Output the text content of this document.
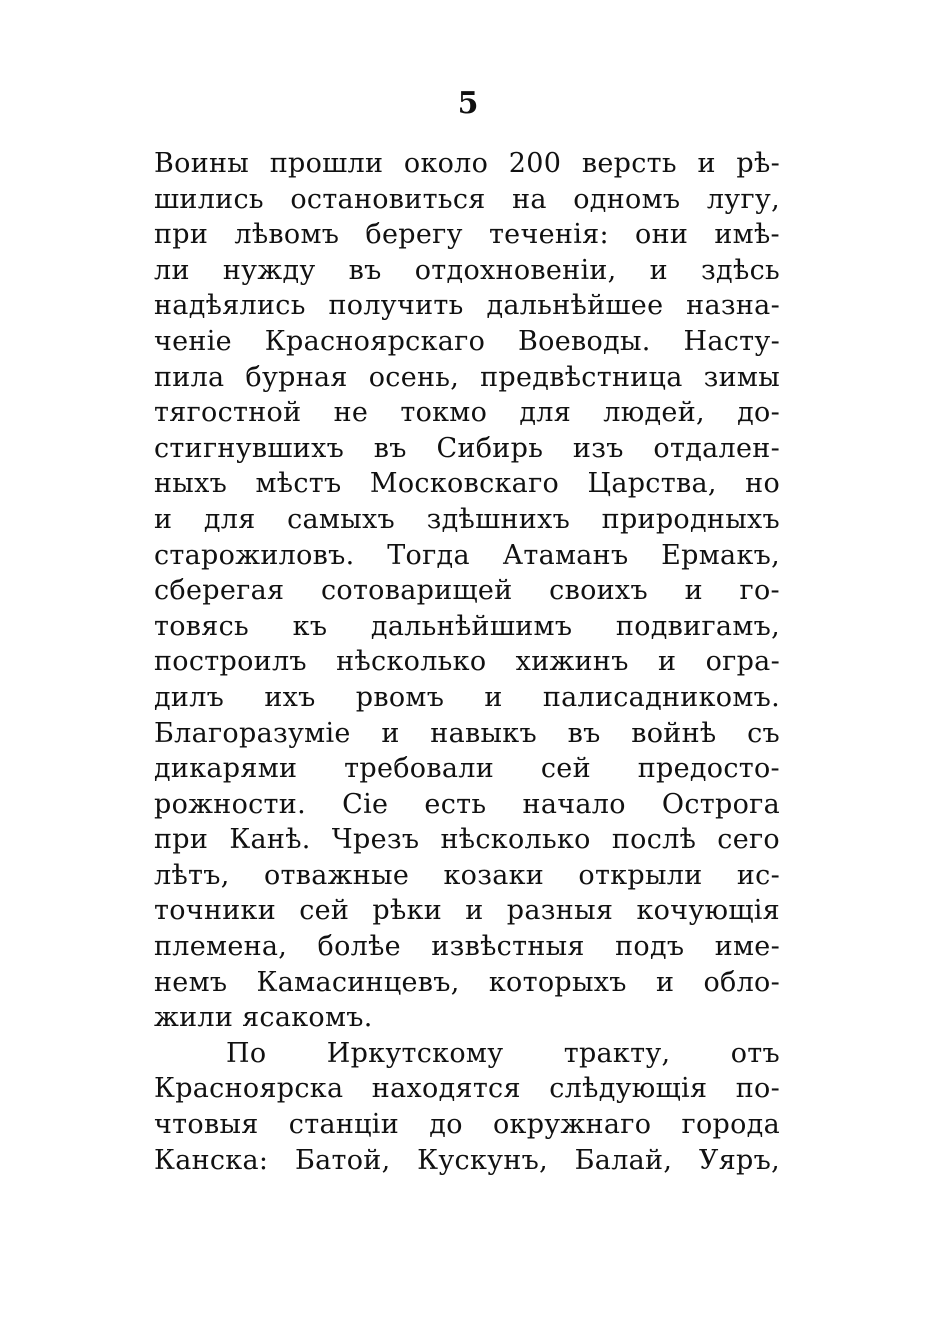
5
Воины прошли около 200 версть и рѣ-
шились остановиться на одномъ лугу,
при лѣвомъ берегу теченія: они имѣ-
ли нужду въ отдохновеніи, и здѣсь
надѣялись получить дальнѣйшее назна-
ченіе Красноярскаго Воеводы. Насту-
пила бурная осень, предвѣстница зимы
тягостной не токмо для людей, до-
стигнувшихъ въ Сибирь изъ отдален-
ныхъ мѣстъ Московскаго Царства, но
и для самыхъ здѣшнихъ природныхъ
старожиловъ. Тогда Атаманъ Ермакъ,
сберегая сотоварищей своихъ и го-
товясь къ дальнѣйшимъ подвигамъ,
построилъ нѣсколько хижинъ и огра-
дилъ ихъ рвомъ и палисадникомъ.
Благоразуміе и навыкъ въ войнѣ съ
дикарями требовали сей предосто-
рожности. Сіе есть начало Острога
при Канѣ. Чрезъ нѣсколько послѣ сего
лѣтъ, отважные козаки открыли ис-
точники сей рѣки и разныя кочующія
племена, болѣе извѣстныя подъ име-
немъ Камасинцевъ, которыхъ и обло-
жили ясакомъ.
По Иркутскому тракту, отъ
Красноярска находятся слѣдующія по-
чтовыя станціи до окружнаго города
Канска: Батой, Кускунъ, Балай, Уяръ,
